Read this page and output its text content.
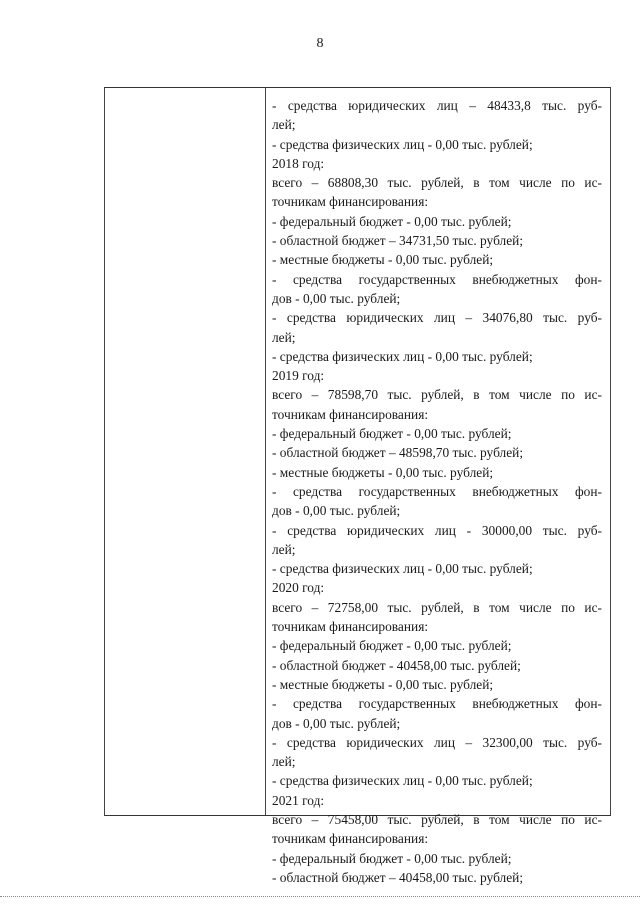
8
- средства юридических лиц – 48433,8 тыс. руб-
лей;
- средства физических лиц - 0,00 тыс. рублей;
2018 год:
всего – 68808,30 тыс. рублей, в том числе по ис-
точникам финансирования:
- федеральный бюджет - 0,00 тыс. рублей;
- областной бюджет – 34731,50 тыс. рублей;
- местные бюджеты - 0,00 тыс. рублей;
- средства государственных внебюджетных фон-
дов - 0,00 тыс. рублей;
- средства юридических лиц – 34076,80 тыс. руб-
лей;
- средства физических лиц - 0,00 тыс. рублей;
2019 год:
всего – 78598,70 тыс. рублей, в том числе по ис-
точникам финансирования:
- федеральный бюджет - 0,00 тыс. рублей;
- областной бюджет – 48598,70 тыс. рублей;
- местные бюджеты - 0,00 тыс. рублей;
- средства государственных внебюджетных фон-
дов - 0,00 тыс. рублей;
- средства юридических лиц - 30000,00 тыс. руб-
лей;
- средства физических лиц - 0,00 тыс. рублей;
2020 год:
всего – 72758,00 тыс. рублей, в том числе по ис-
точникам финансирования:
- федеральный бюджет - 0,00 тыс. рублей;
- областной бюджет - 40458,00 тыс. рублей;
- местные бюджеты - 0,00 тыс. рублей;
- средства государственных внебюджетных фон-
дов - 0,00 тыс. рублей;
- средства юридических лиц – 32300,00 тыс. руб-
лей;
- средства физических лиц - 0,00 тыс. рублей;
2021 год:
всего – 75458,00 тыс. рублей, в том числе по ис-
точникам финансирования:
- федеральный бюджет - 0,00 тыс. рублей;
- областной бюджет – 40458,00 тыс. рублей;
